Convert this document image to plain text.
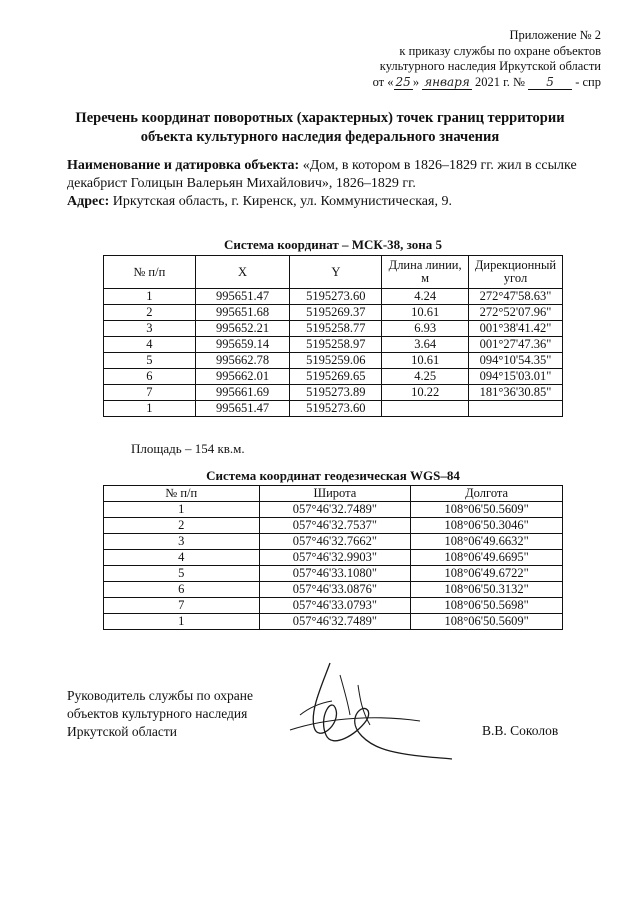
Приложение № 2
к приказу службы по охране объектов
культурного наследия Иркутской области
от « 25 » января 2021 г. № 5 - спр
Перечень координат поворотных (характерных) точек границ территории
объекта культурного наследия федерального значения
Наименование и датировка объекта: «Дом, в котором в 1826–1829 гг. жил в ссылке декабрист Голицын Валерьян Михайлович», 1826–1829 гг.
Адрес: Иркутская область, г. Киренск, ул. Коммунистическая, 9.
Система координат – МСК-38, зона 5
№ п/п	X	Y	Длина линии, м	Дирекционный угол
1	995651.47	5195273.60	4.24	272°47'58.63"
2	995651.68	5195269.37	10.61	272°52'07.96"
3	995652.21	5195258.77	6.93	001°38'41.42"
4	995659.14	5195258.97	3.64	001°27'47.36"
5	995662.78	5195259.06	10.61	094°10'54.35"
6	995662.01	5195269.65	4.25	094°15'03.01"
7	995661.69	5195273.89	10.22	181°36'30.85"
1	995651.47	5195273.60		
Площадь – 154 кв.м.
Система координат геодезическая WGS–84
№ п/п	Широта	Долгота
1	057°46'32.7489"	108°06'50.5609"
2	057°46'32.7537"	108°06'50.3046"
3	057°46'32.7662"	108°06'49.6632"
4	057°46'32.9903"	108°06'49.6695"
5	057°46'33.1080"	108°06'49.6722"
6	057°46'33.0876"	108°06'50.3132"
7	057°46'33.0793"	108°06'50.5698"
1	057°46'32.7489"	108°06'50.5609"
Руководитель службы по охране
объектов культурного наследия
Иркутской области	В.В. Соколов
